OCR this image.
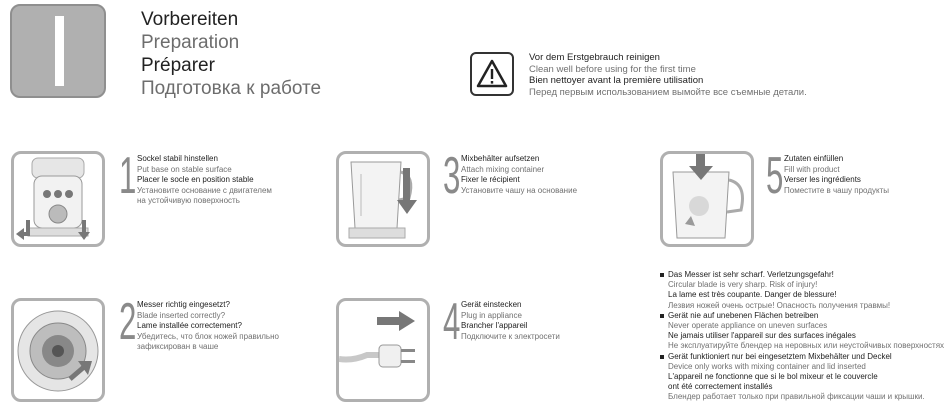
Vorbereiten
Preparation
Préparer
Подготовка к работе
Vor dem Erstgebrauch reinigen
Clean well before using for the first time
Bien nettoyer avant la première utilisation
Перед первым использованием вымойте все съемные детали.
1 Sockel stabil hinstellen
Put base on stable surface
Placer le socle en position stable
Установите основание с двигателем
на устойчивую поверхность	3 Mixbehälter aufsetzen
Attach mixing container
Fixer le récipient
Установите чашу на основание	5 Zutaten einfüllen
Fill with product
Verser les ingrédients
Поместите в чашу продукты
2 Messer richtig eingesetzt?
Blade inserted correctly?
Lame installée correctement?
Убедитесь, что блок ножей правильно
зафиксирован в чаше	4 Gerät einstecken
Plug in appliance
Brancher l'appareil
Подключите к электросети
Das Messer ist sehr scharf. Verletzungsgefahr!
Circular blade is very sharp. Risk of injury!
La lame est très coupante. Danger de blessure!
Лезвия ножей очень острые! Опасность получения травмы!
Gerät nie auf unebenen Flächen betreiben
Never operate appliance on uneven surfaces
Ne jamais utiliser l'appareil sur des surfaces inégales
Не эксплуатируйте блендер на неровных или неустойчивых поверхностях
Gerät funktioniert nur bei eingesetztem Mixbehälter und Deckel
Device only works with mixing container and lid inserted
L'appareil ne fonctionne que si le bol mixeur et le couvercle
ont été correctement installés
Блендер работает только при правильной фиксации чаши и крышки.
